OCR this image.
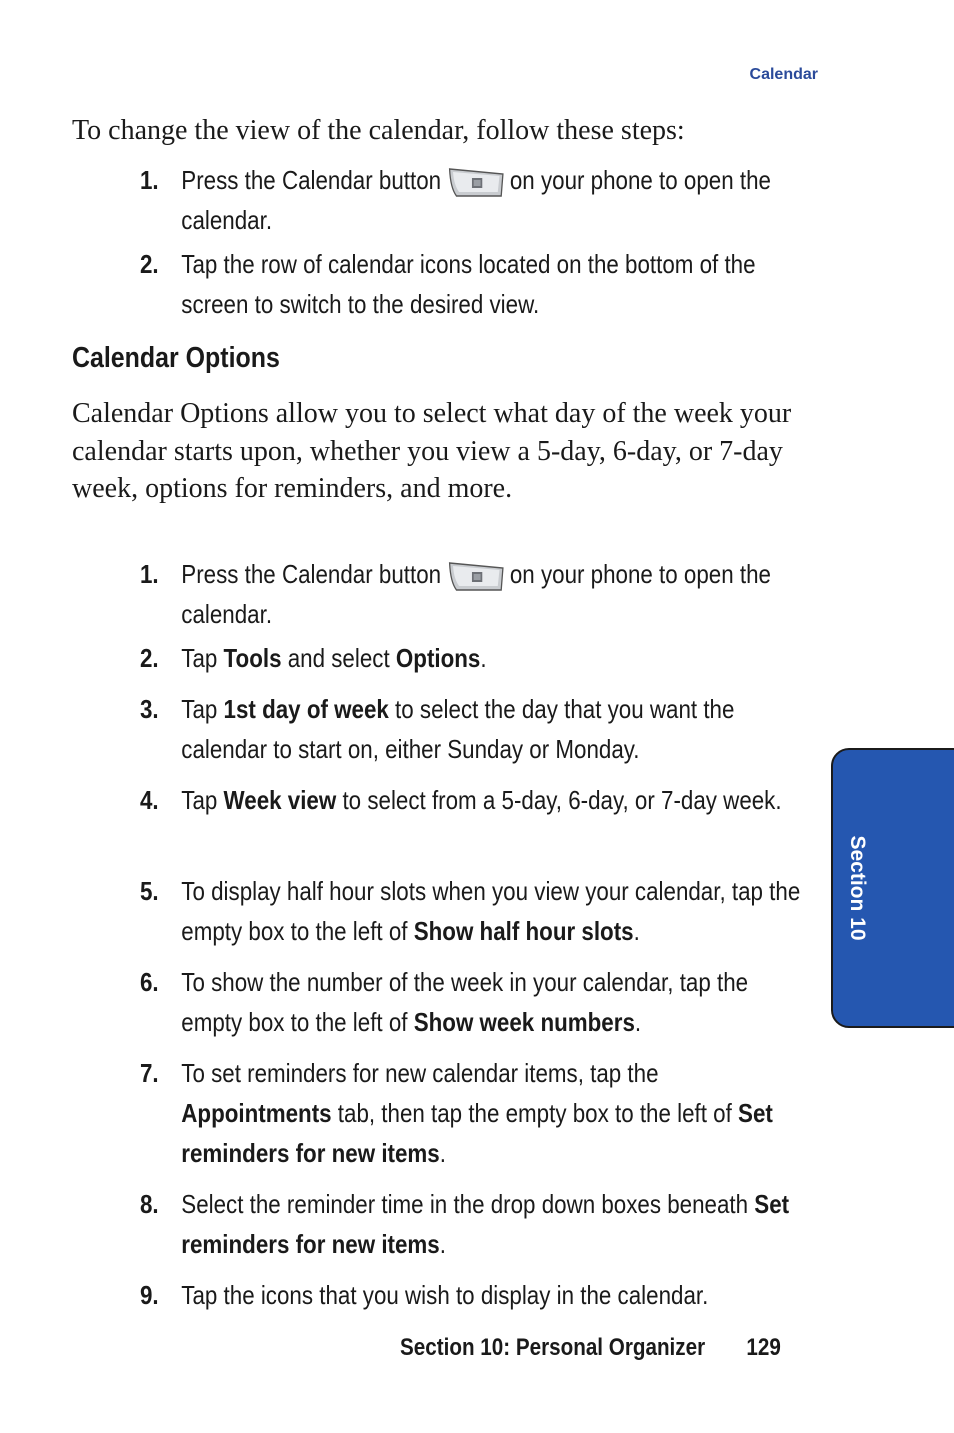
Calendar

To change the view of the calendar, follow these steps:

1. Press the Calendar button	on your phone to open the calendar.
2. Tap the row of calendar icons located on the bottom of the screen to switch to the desired view.
Calendar Options

Calendar Options allow you to select what day of the week your calendar starts upon, whether you view a 5-day, 6-day, or 7-day week, options for reminders, and more.

1. Press the Calendar button	on your phone to open the calendar.
2. Tap Tools and select Options.
3. Tap 1st day of week to select the day that you want the calendar to start on, either Sunday or Monday.
4. Tap Week view to select from a 5-day, 6-day, or 7-day week.
5. To display half hour slots when you view your calendar, tap the empty box to the left of Show half hour slots.
6. To show the number of the week in your calendar, tap the empty box to the left of Show week numbers.
7. To set reminders for new calendar items, tap the Appointments tab, then tap the empty box to the left of Set reminders for new items.
8. Select the reminder time in the drop down boxes beneath Set reminders for new items.
9. Tap the icons that you wish to display in the calendar.
Section 10
Section 10: Personal Organizer 129
